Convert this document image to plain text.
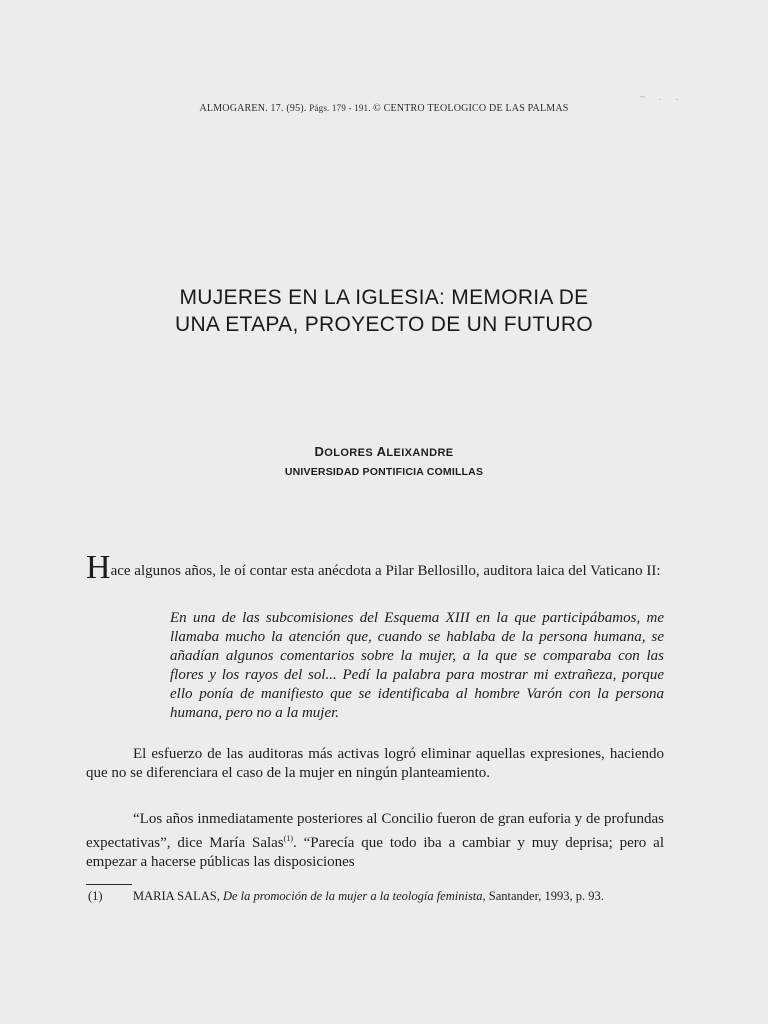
ALMOGAREN. 17. (95). Págs. 179 - 191. © CENTRO TEOLOGICO DE LAS PALMAS
~ . .
MUJERES EN LA IGLESIA: MEMORIA DE
UNA ETAPA, PROYECTO DE UN FUTURO
DOLORES ALEIXANDRE
UNIVERSIDAD PONTIFICIA COMILLAS
Hace algunos años, le oí contar esta anécdota a Pilar Bellosillo, auditora laica del Vaticano II:
En una de las subcomisiones del Esquema XIII en la que participábamos, me llamaba mucho la atención que, cuando se hablaba de la persona humana, se añadían algunos comentarios sobre la mujer, a la que se comparaba con las flores y los rayos del sol... Pedí la palabra para mostrar mi extrañeza, porque ello ponía de manifiesto que se identificaba al hombre Varón con la persona humana, pero no a la mujer.
El esfuerzo de las auditoras más activas logró eliminar aquellas expresiones, haciendo que no se diferenciara el caso de la mujer en ningún planteamiento.
“Los años inmediatamente posteriores al Concilio fueron de gran euforia y de profundas expectativas”, dice María Salas$^{(1)}$. “Parecía que todo iba a cambiar y muy deprisa; pero al empezar a hacerse públicas las disposiciones
(1) MARIA SALAS, De la promoción de la mujer a la teología feminista, Santander, 1993, p. 93.
